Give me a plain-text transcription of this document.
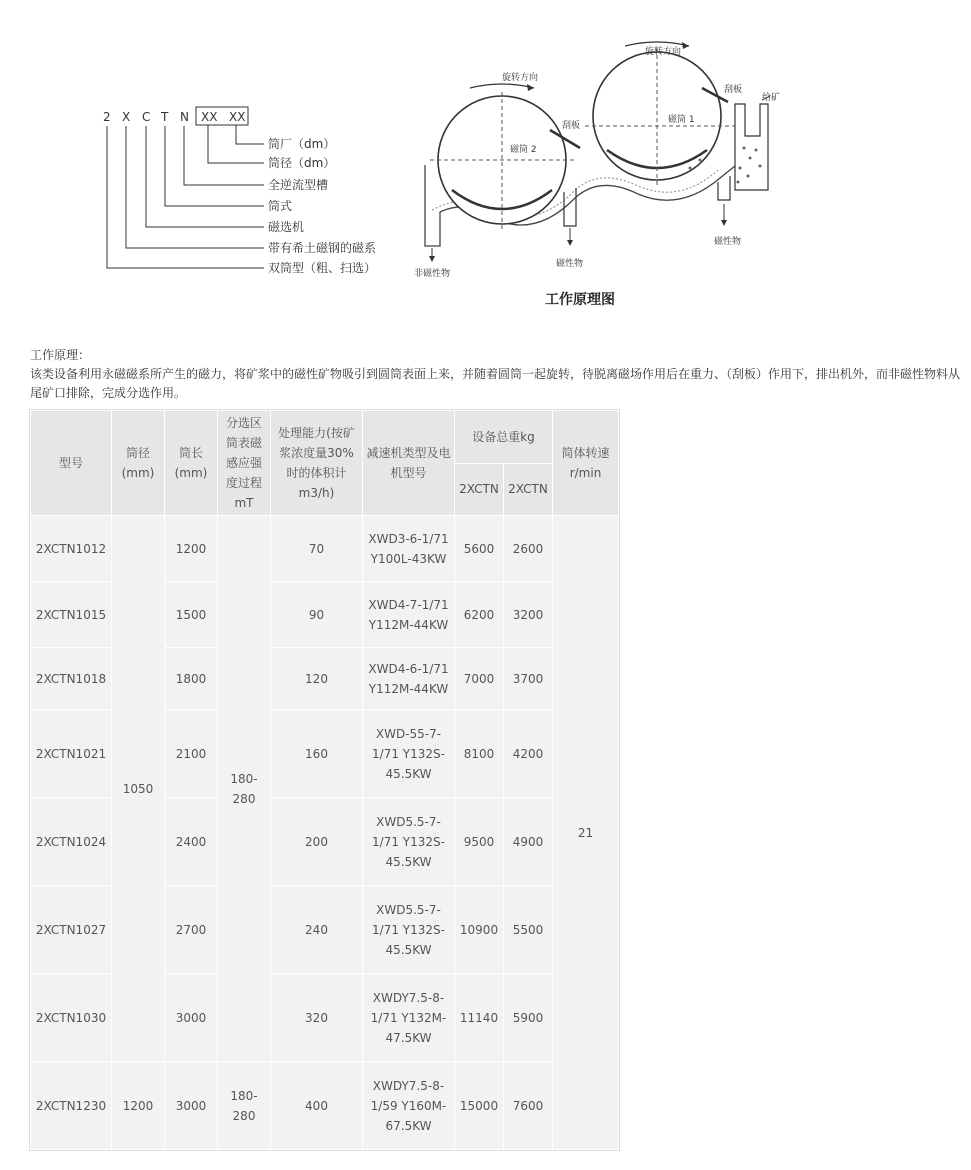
2 X C T N XX XX
筒厂（dm）
筒径（dm）
全逆流型槽
筒式
磁选机
带有希土磁钢的磁系
双筒型（粗、扫选）
旋转方向
旋转方向
磁筒 1
磁筒 2
刮板
刮板
给矿
磁性物
磁性物
非磁性物
工作原理图

工作原理：

该类设备利用永磁磁系所产生的磁力，将矿浆中的磁性矿物吸引到圆筒表面上来，并随着圆筒一起旋转，待脱离磁场作用后在重力、（刮板）作用下，排出机外，而非磁性物料从尾矿口排除，完成分选作用。

型号	筒径(mm)	筒长(mm)	分选区筒表磁感应强度过程mT	处理能力(按矿浆浓度量30%时的体积计m3/h)	减速机类型及电机型号	设备总重kg		简体转速r/min
						2XCTN	2XCTN	
2XCTN1012	1050	1200	180-280	70	XWD3-6-1/71 Y100L-43KW	5600	2600	21
2XCTN1015		1500		90	XWD4-7-1/71 Y112M-44KW	6200	3200	
2XCTN1018		1800		120	XWD4-6-1/71 Y112M-44KW	7000	3700	
2XCTN1021		2100		160	XWD-55-7-1/71 Y132S-45.5KW	8100	4200	
2XCTN1024		2400		200	XWD5.5-7-1/71 Y132S-45.5KW	9500	4900	
2XCTN1027		2700		240	XWD5.5-7-1/71 Y132S-45.5KW	10900	5500	
2XCTN1030		3000		320	XWDY7.5-8-1/71 Y132M-47.5KW	11140	5900	
2XCTN1230	1200	3000	180-280	400	XWDY7.5-8-1/59 Y160M-67.5KW	15000	7600	
